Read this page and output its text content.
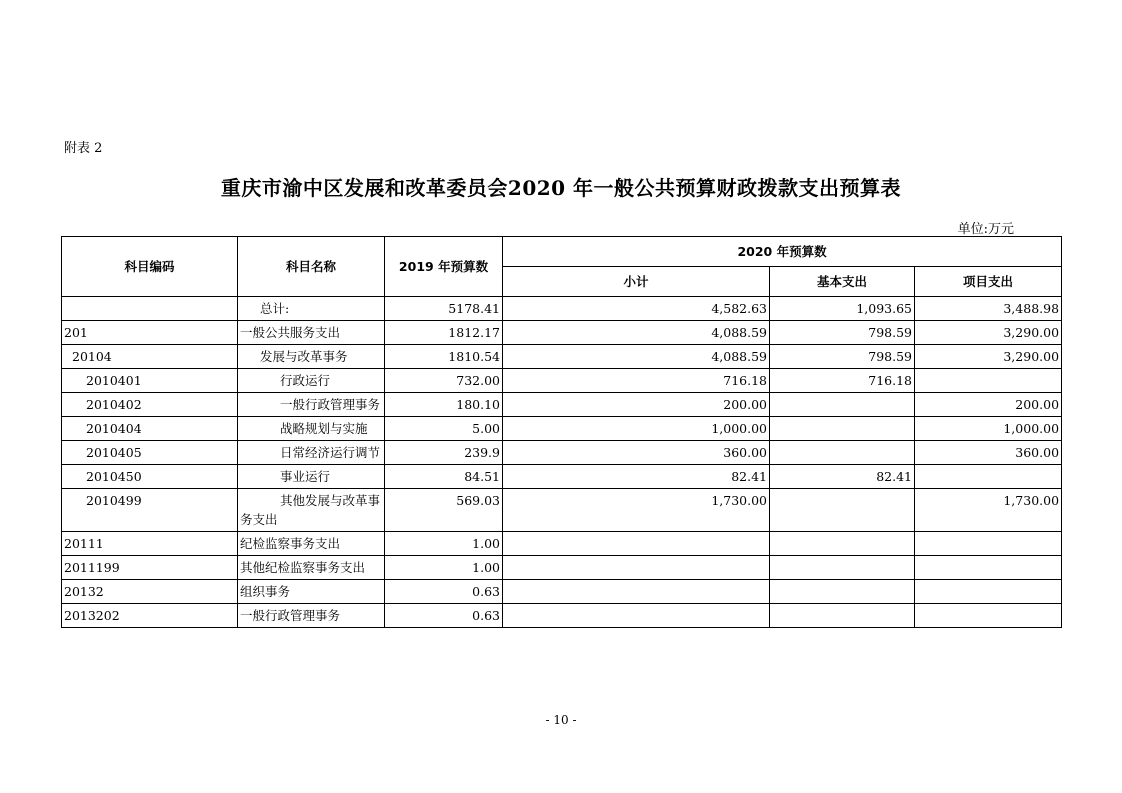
附表 2
重庆市渝中区发展和改革委员会2020 年一般公共预算财政拨款支出预算表
单位:万元
科目编码	科目名称	2019 年预算数	2020 年预算数		
			小计	基本支出	项目支出
	总计:	5178.41	4,582.63	1,093.65	3,488.98
201	一般公共服务支出	1812.17	4,088.59	798.59	3,290.00
20104	发展与改革事务	1810.54	4,088.59	798.59	3,290.00
2010401	行政运行	732.00	716.18	716.18	
2010402	一般行政管理事务	180.10	200.00		200.00
2010404	战略规划与实施	5.00	1,000.00		1,000.00
2010405	日常经济运行调节	239.9	360.00		360.00
2010450	事业运行	84.51	82.41	82.41	
2010499	其他发展与改革事务支出	569.03	1,730.00		1,730.00
20111	纪检监察事务支出	1.00			
2011199	其他纪检监察事务支出	1.00			
20132	组织事务	0.63			
2013202	一般行政管理事务	0.63			
- 10 -
